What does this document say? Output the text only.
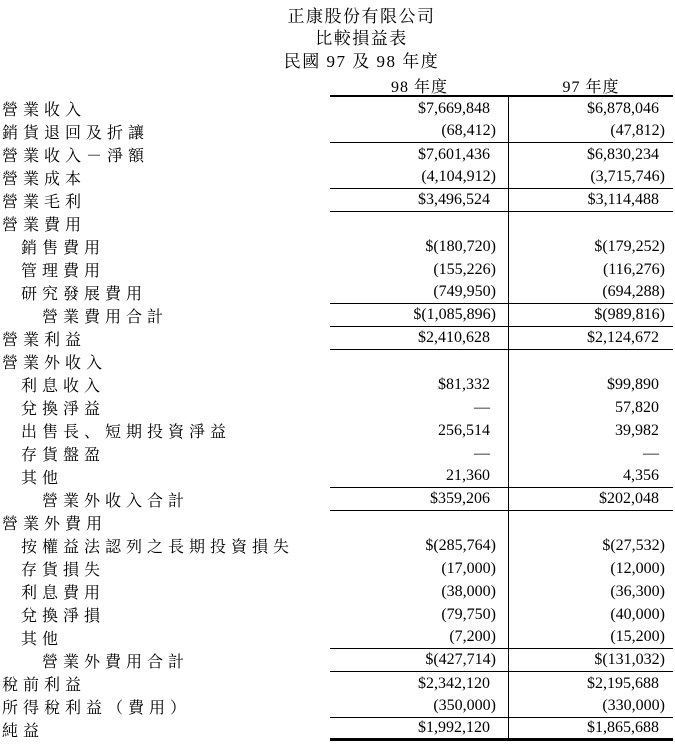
正康股份有限公司
比較損益表
民國 97 及 98 年度
98 年度	97 年度
營業收入	$7,669,848	$6,878,046
銷貨退回及折讓	(68,412)	(47,812)
營業收入－淨額	$7,601,436	$6,830,234
營業成本	(4,104,912)	(3,715,746)
營業毛利	$3,496,524	$3,114,488
營業費用
銷售費用	$(180,720)	$(179,252)
管理費用	(155,226)	(116,276)
研究發展費用	(749,950)	(694,288)
營業費用合計	$(1,085,896)	$(989,816)
營業利益	$2,410,628	$2,124,672
營業外收入
利息收入	$81,332	$99,890
兌換淨益	—	57,820
出售長、短期投資淨益	256,514	39,982
存貨盤盈	—	—
其他	21,360	4,356
營業外收入合計	$359,206	$202,048
營業外費用
按權益法認列之長期投資損失	$(285,764)	$(27,532)
存貨損失	(17,000)	(12,000)
利息費用	(38,000)	(36,300)
兌換淨損	(79,750)	(40,000)
其他	(7,200)	(15,200)
營業外費用合計	$(427,714)	$(131,032)
稅前利益	$2,342,120	$2,195,688
所得稅利益（費用）	(350,000)	(330,000)
純益	$1,992,120	$1,865,688
